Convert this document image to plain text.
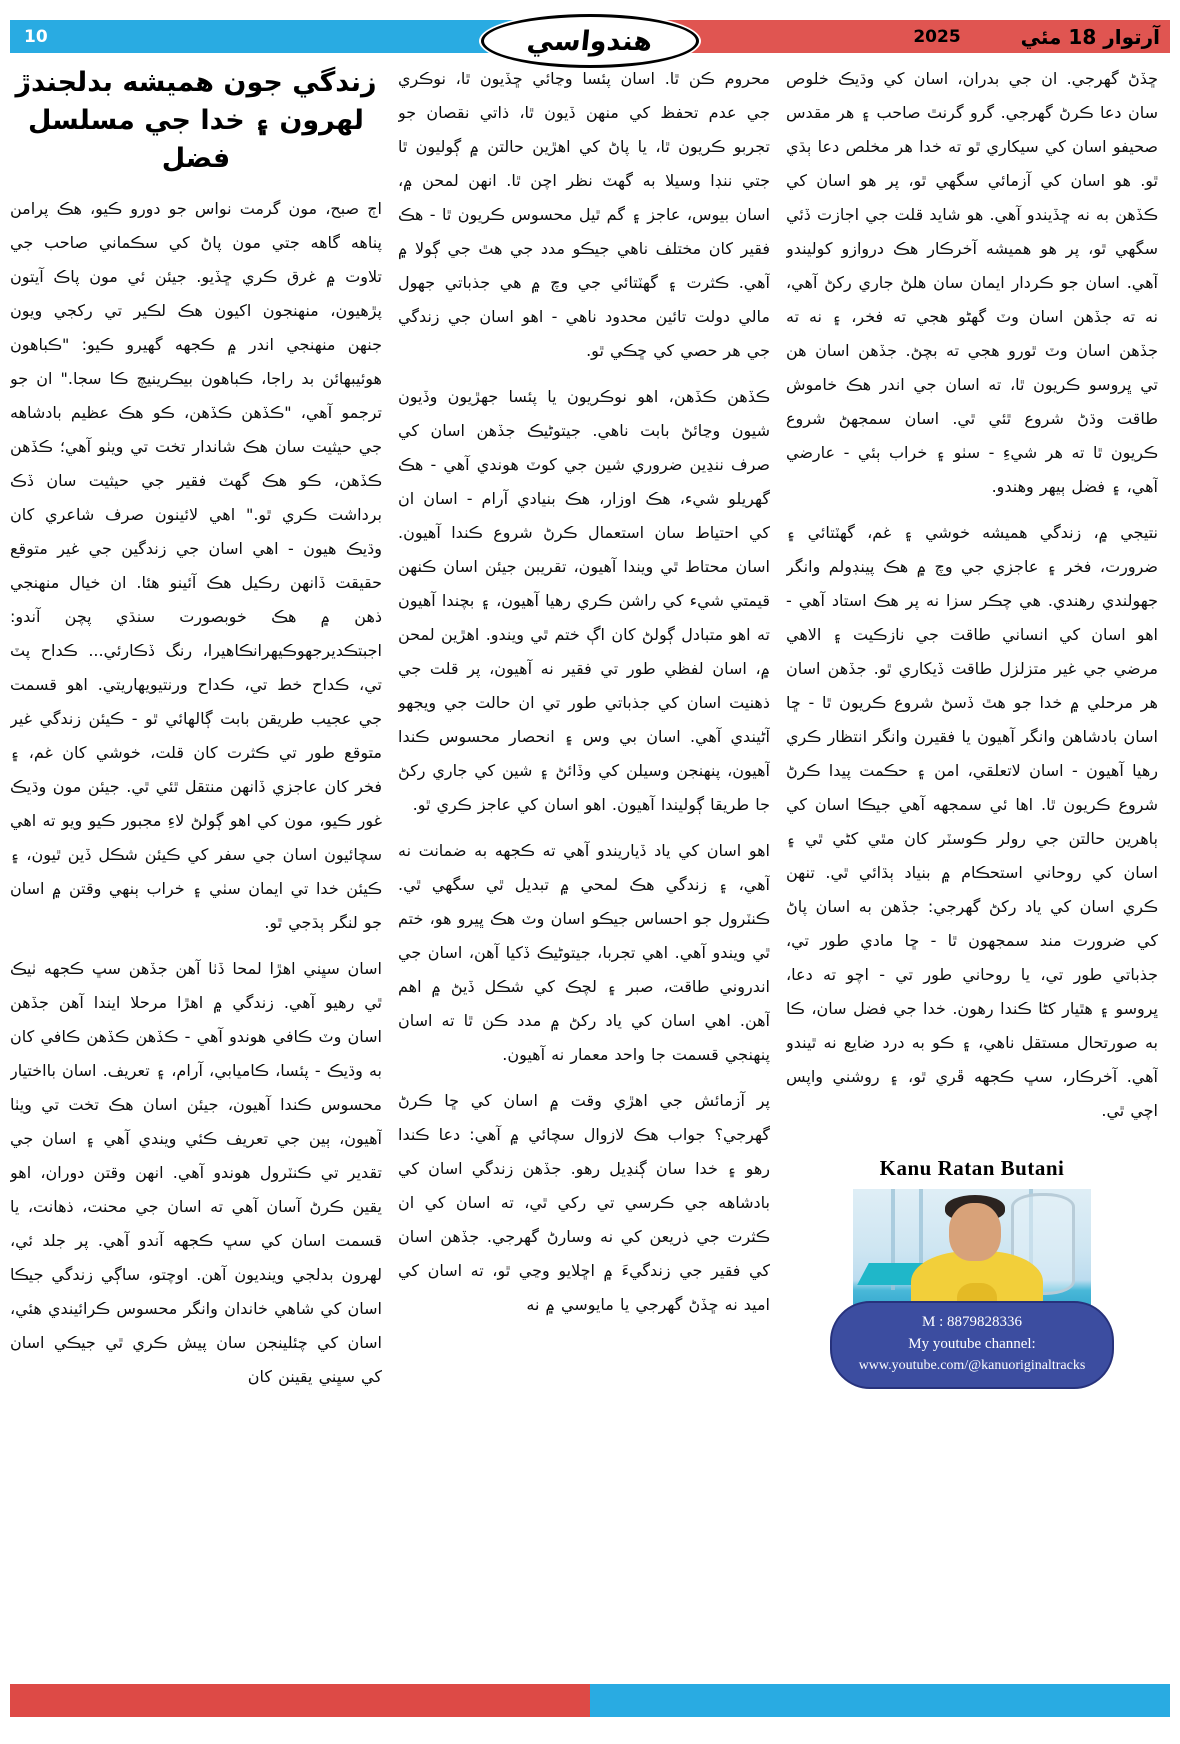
10	2025	آرتوار 18 مئي
هندواسي
زندگي جون هميشه بدلجندڙ
لهرون ۽ خدا جي مسلسل فضل

اڄ صبح، مون گرمت نواس جو دورو ڪيو، هڪ پرامن پناهه گاهه جتي مون پاڻ کي سڪماني صاحب جي تلاوت ۾ غرق ڪري ڇڏيو. جيئن ئي مون پاڪ آيتون پڙهيون، منهنجون اکيون هڪ لڪير تي رکجي ويون جنهن منهنجي اندر ۾ ڪجهه گهيرو ڪيو: "ڪباهون هوئيبهائن بد راجا، ڪباهون بيڪرينيچ ڪا سجا." ان جو ترجمو آهي، "ڪڏهن ڪڏهن، ڪو هڪ عظيم بادشاهه جي حيثيت سان هڪ شاندار تخت تي ويٺو آهي؛ ڪڏهن ڪڏهن، ڪو هڪ گهٽ فقير جي حيثيت سان ڏڪ برداشت ڪري ٿو." اهي لائينون صرف شاعري کان وڌيڪ هيون - اهي اسان جي زندگين جي غير متوقع حقيقت ڏانهن رڪيل هڪ آئينو هئا. ان خيال منهنجي ذهن ۾ هڪ خوبصورت سنڌي پچن آندو: اجبتڪديرجهوڪيهرانڪاهيرا، رنگ ڏڪارئي... ڪداح پٽ تي، ڪداح خط تي، ڪداح ورنتيويهاريتي. اهو قسمت جي عجيب طريقن بابت ڳالهائي ٿو - ڪيئن زندگي غير متوقع طور تي ڪثرت کان قلت، خوشي کان غم، ۽ فخر کان عاجزي ڏانهن منتقل ٿئي ٿي. جيئن مون وڌيڪ غور ڪيو، مون کي اهو ڳولڻ لاءِ مجبور ڪيو ويو ته اهي سچائيون اسان جي سفر کي ڪيئن شڪل ڏين ٿيون، ۽ ڪيئن خدا تي ايمان سٺي ۽ خراب ٻنهي وقتن ۾ اسان جو لنگر ٻڌجي ٿو.

اسان سڀني اهڙا لمحا ڏٺا آهن جڏهن سڀ ڪجهه ٺيڪ ٿي رهيو آهي. زندگي ۾ اهڙا مرحلا ايندا آهن جڏهن اسان وٽ ڪافي هوندو آهي - ڪڏهن ڪڏهن ڪافي کان به وڌيڪ - پئسا، ڪاميابي، آرام، ۽ تعريف. اسان بااختيار محسوس ڪندا آهيون، جيئن اسان هڪ تخت تي ويٺا آهيون، ٻين جي تعريف ڪئي ويندي آهي ۽ اسان جي تقدير تي ڪنٽرول هوندو آهي. انهن وقتن دوران، اهو يقين ڪرڻ آسان آهي ته اسان جي محنت، ذهانت، يا قسمت اسان کي سڀ ڪجهه آندو آهي. پر جلد ئي، لهرون بدلجي وينديون آهن. اوچتو، ساڳي زندگي جيڪا اسان کي شاهي خاندان وانگر محسوس ڪرائيندي هئي، اسان کي چئلينجن سان پيش ڪري ٿي جيڪي اسان کي سڀني يقينن کان

محروم ڪن ٿا. اسان پئسا وڃائي ڇڏيون ٿا، نوڪري جي عدم تحفظ کي منهن ڏيون ٿا، ذاتي نقصان جو تجربو ڪريون ٿا، يا پاڻ کي اهڙين حالتن ۾ ڳوليون ٿا جتي ننڊا وسيلا به گهٽ نظر اچن ٿا. انهن لمحن ۾، اسان بيوس، عاجز ۽ گم ٿيل محسوس ڪريون ٿا - هڪ فقير کان مختلف ناهي جيڪو مدد جي هٿ جي ڳولا ۾ آهي. ڪثرت ۽ گهٽتائي جي وچ ۾ هي جذباتي جهول مالي دولت تائين محدود ناهي - اهو اسان جي زندگي جي هر حصي کي ڇڪي ٿو.

ڪڏهن ڪڏهن، اهو نوڪريون يا پئسا جهڙيون وڏيون شيون وڃائڻ بابت ناهي. جيتوڻيڪ جڏهن اسان کي صرف ننڍين ضروري شين جي کوٽ هوندي آهي - هڪ گهريلو شيء، هڪ اوزار، هڪ بنيادي آرام - اسان ان کي احتياط سان استعمال ڪرڻ شروع ڪندا آهيون. اسان محتاط ٿي ويندا آهيون، تقريبن جيئن اسان ڪنهن قيمتي شيء کي راشن ڪري رهيا آهيون، ۽ بچندا آهيون ته اهو متبادل ڳولڻ کان اڳ ختم ٿي ويندو. اهڙين لمحن ۾، اسان لفظي طور تي فقير نه آهيون، پر قلت جي ذهنيت اسان کي جذباتي طور تي ان حالت جي ويجهو آڻيندي آهي. اسان بي وس ۽ انحصار محسوس ڪندا آهيون، پنهنجن وسيلن کي وڏائڻ ۽ شين کي جاري رکڻ جا طريقا ڳوليندا آهيون. اهو اسان کي عاجز ڪري ٿو.

اهو اسان کي ياد ڏياريندو آهي ته ڪجهه به ضمانت نه آهي، ۽ زندگي هڪ لمحي ۾ تبديل ٿي سگهي ٿي. ڪنٽرول جو احساس جيڪو اسان وٽ هڪ ڀيرو هو، ختم ٿي ويندو آهي. اهي تجربا، جيتوڻيڪ ڏکيا آهن، اسان جي اندروني طاقت، صبر ۽ لچڪ کي شڪل ڏيڻ ۾ اهم آهن. اهي اسان کي ياد رکڻ ۾ مدد ڪن ٿا ته اسان پنهنجي قسمت جا واحد معمار نه آهيون.

پر آزمائش جي اهڙي وقت ۾ اسان کي ڇا ڪرڻ گهرجي؟ جواب هڪ لازوال سچائي ۾ آهي: دعا ڪندا رهو ۽ خدا سان ڳنڍيل رهو. جڏهن زندگي اسان کي بادشاهه جي ڪرسي تي رکي ٿي، ته اسان کي ان ڪثرت جي ذريعن کي نه وسارڻ گهرجي. جڏهن اسان کي فقير جي زندگيءَ ۾ اڇلايو وڃي ٿو، ته اسان کي اميد نه ڇڏڻ گهرجي يا مايوسي ۾ نه

ڇڏڻ گهرجي. ان جي بدران، اسان کي وڌيڪ خلوص سان دعا ڪرڻ گهرجي. گرو گرنٿ صاحب ۽ هر مقدس صحيفو اسان کي سيکاري ٿو ته خدا هر مخلص دعا ٻڌي ٿو. هو اسان کي آزمائي سگهي ٿو، پر هو اسان کي ڪڏهن به نه ڇڏيندو آهي. هو شايد قلت جي اجازت ڏئي سگهي ٿو، پر هو هميشه آخرڪار هڪ دروازو کوليندو آهي. اسان جو ڪردار ايمان سان هلڻ جاري رکڻ آهي، نه ته جڏهن اسان وٽ گهڻو هجي ته فخر، ۽ نه ته جڏهن اسان وٽ ٿورو هجي ته بچڻ. جڏهن اسان هن تي ڀروسو ڪريون ٿا، ته اسان جي اندر هڪ خاموش طاقت وڌڻ شروع ٿئي ٿي. اسان سمجهڻ شروع ڪريون ٿا ته هر شيءِ - سٺو ۽ خراب ٻئي - عارضي آهي، ۽ فضل ٻيهر وهندو.

نتيجي ۾، زندگي هميشه خوشي ۽ غم، گهٽتائي ۽ ضرورت، فخر ۽ عاجزي جي وچ ۾ هڪ پينڊولم وانگر جهولندي رهندي. هي چڪر سزا نه پر هڪ استاد آهي - اهو اسان کي انساني طاقت جي نازڪيت ۽ الاهي مرضي جي غير متزلزل طاقت ڏيکاري ٿو. جڏهن اسان هر مرحلي ۾ خدا جو هٿ ڏسڻ شروع ڪريون ٿا - ڇا اسان بادشاهن وانگر آهيون يا فقيرن وانگر انتظار ڪري رهيا آهيون - اسان لاتعلقي، امن ۽ حڪمت پيدا ڪرڻ شروع ڪريون ٿا. اها ئي سمجهه آهي جيڪا اسان کي ٻاهرين حالتن جي رولر ڪوسٽر کان مٿي کڻي ٿي ۽ اسان کي روحاني استحڪام ۾ بنياد ٻڌائي ٿي. تنهن ڪري اسان کي ياد رکڻ گهرجي: جڏهن به اسان پاڻ کي ضرورت مند سمجهون ٿا - ڇا مادي طور تي، جذباتي طور تي، يا روحاني طور تي - اچو ته دعا، ڀروسو ۽ هٿيار کڻا ڪندا رهون. خدا جي فضل سان، ڪا به صورتحال مستقل ناهي، ۽ ڪو به درد ضايع نه ٿيندو آهي. آخرڪار، سڀ ڪجهه ڦري ٿو، ۽ روشني واپس اچي ٿي.

Kanu Ratan Butani
M : 8879828336
My youtube channel:
www.youtube.com/@kanuoriginaltracks
